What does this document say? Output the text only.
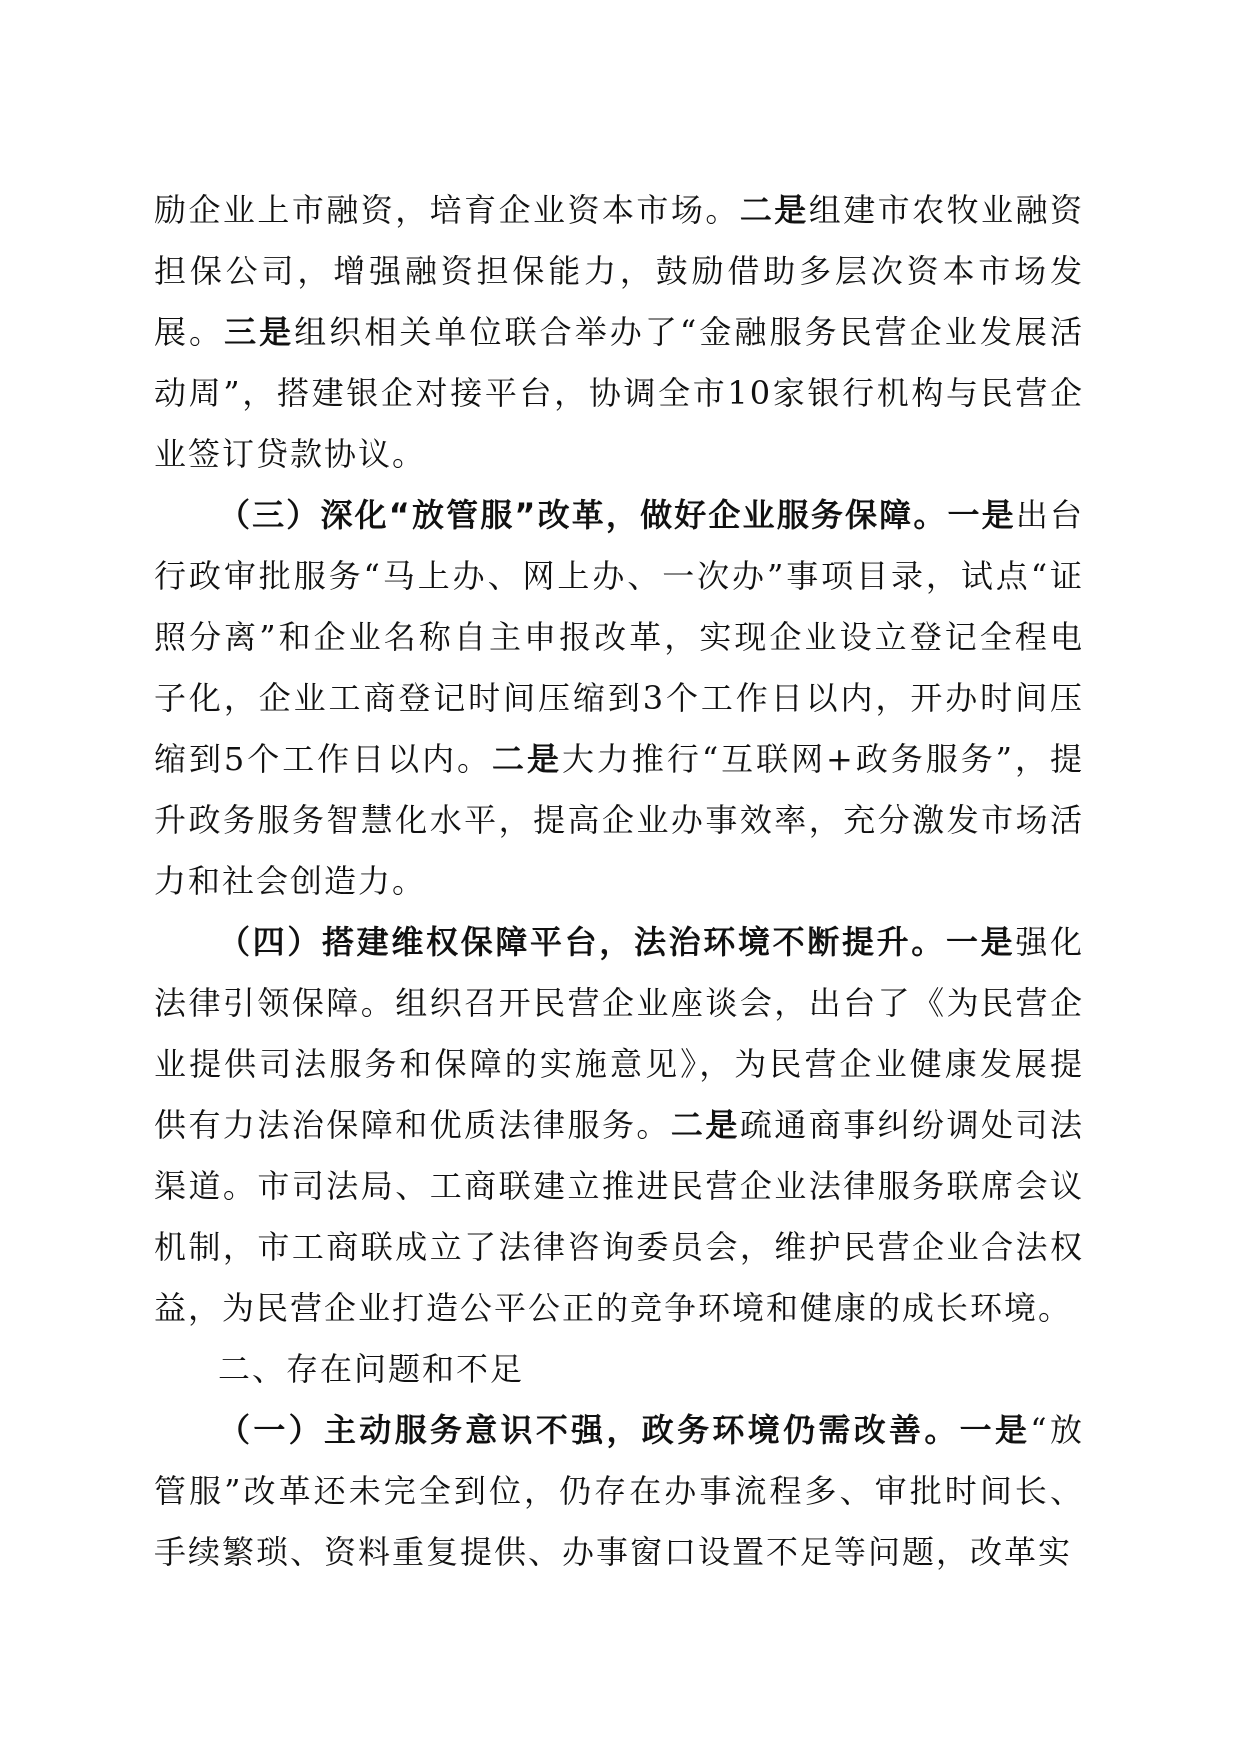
励企业上市融资，培育企业资本市场。二是组建市农牧业融资担保公司，增强融资担保能力，鼓励借助多层次资本市场发展。三是组织相关单位联合举办了“金融服务民营企业发展活动周”，搭建银企对接平台，协调全市10家银行机构与民营企业签订贷款协议。

（三）深化“放管服”改革，做好企业服务保障。一是出台行政审批服务“马上办、网上办、一次办”事项目录，试点“证照分离”和企业名称自主申报改革，实现企业设立登记全程电子化，企业工商登记时间压缩到3个工作日以内，开办时间压缩到5个工作日以内。二是大力推行“互联网+政务服务”，提升政务服务智慧化水平，提高企业办事效率，充分激发市场活力和社会创造力。

（四）搭建维权保障平台，法治环境不断提升。一是强化法律引领保障。组织召开民营企业座谈会，出台了《为民营企业提供司法服务和保障的实施意见》，为民营企业健康发展提供有力法治保障和优质法律服务。二是疏通商事纠纷调处司法渠道。市司法局、工商联建立推进民营企业法律服务联席会议机制，市工商联成立了法律咨询委员会，维护民营企业合法权益，为民营企业打造公平公正的竞争环境和健康的成长环境。

二、存在问题和不足

（一）主动服务意识不强，政务环境仍需改善。一是“放管服”改革还未完全到位，仍存在办事流程多、审批时间长、手续繁琐、资料重复提供、办事窗口设置不足等问题，改革实
